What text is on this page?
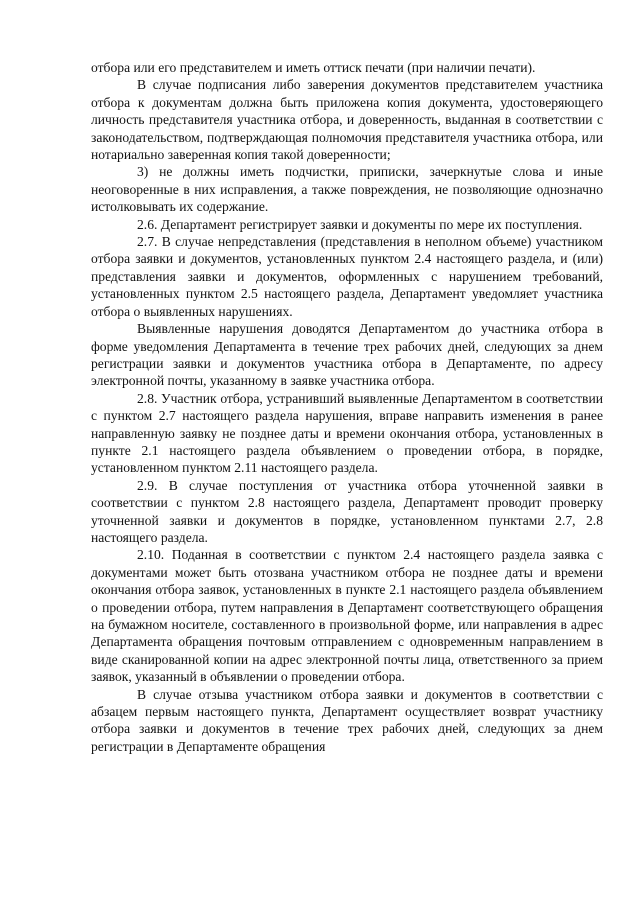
отбора или его представителем и иметь оттиск печати (при наличии печати).

В случае подписания либо заверения документов представителем участника отбора к документам должна быть приложена копия документа, удостоверяющего личность представителя участника отбора, и доверенность, выданная в соответствии с законодательством, подтверждающая полномочия представителя участника отбора, или нотариально заверенная копия такой доверенности;

3) не должны иметь подчистки, приписки, зачеркнутые слова и иные неоговоренные в них исправления, а также повреждения, не позволяющие однозначно истолковывать их содержание.

2.6. Департамент регистрирует заявки и документы по мере их поступления.

2.7. В случае непредставления (представления в неполном объеме) участником отбора заявки и документов, установленных пунктом 2.4 настоящего раздела, и (или) представления заявки и документов, оформленных с нарушением требований, установленных пунктом 2.5 настоящего раздела, Департамент уведомляет участника отбора о выявленных нарушениях.

Выявленные нарушения доводятся Департаментом до участника отбора в форме уведомления Департамента в течение трех рабочих дней, следующих за днем регистрации заявки и документов участника отбора в Департаменте, по адресу электронной почты, указанному в заявке участника отбора.

2.8. Участник отбора, устранивший выявленные Департаментом в соответствии с пунктом 2.7 настоящего раздела нарушения, вправе направить изменения в ранее направленную заявку не позднее даты и времени окончания отбора, установленных в пункте 2.1 настоящего раздела объявлением о проведении отбора, в порядке, установленном пунктом 2.11 настоящего раздела.

2.9. В случае поступления от участника отбора уточненной заявки в соответствии с пунктом 2.8 настоящего раздела, Департамент проводит проверку уточненной заявки и документов в порядке, установленном пунктами 2.7, 2.8 настоящего раздела.

2.10. Поданная в соответствии с пунктом 2.4 настоящего раздела заявка с документами может быть отозвана участником отбора не позднее даты и времени окончания отбора заявок, установленных в пункте 2.1 настоящего раздела объявлением о проведении отбора, путем направления в Департамент соответствующего обращения на бумажном носителе, составленного в произвольной форме, или направления в адрес Департамента обращения почтовым отправлением с одновременным направлением в виде сканированной копии на адрес электронной почты лица, ответственного за прием заявок, указанный в объявлении о проведении отбора.

В случае отзыва участником отбора заявки и документов в соответствии с абзацем первым настоящего пункта, Департамент осуществляет возврат участнику отбора заявки и документов в течение трех рабочих дней, следующих за днем регистрации в Департаменте обращения
